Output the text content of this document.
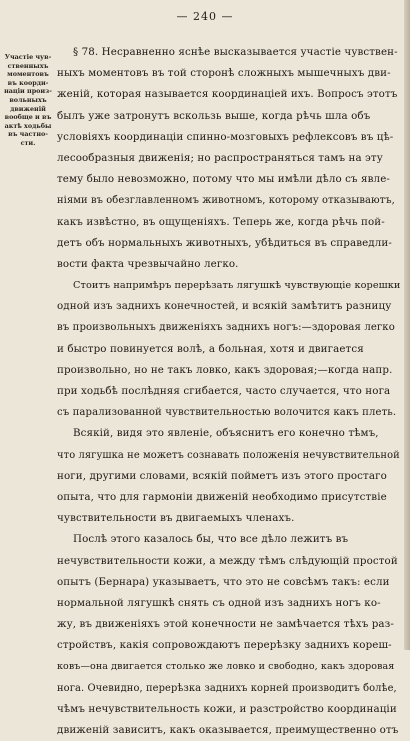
— 240 —
Участіе чув-
ственныхъ
моментовъ
въ коорди-
націи произ-
вольныхъ
движеній
вообще и въ
актѣ ходьбы
въ частно-
сти.
§ 78. Несравненно яснѣе высказывается участіе чувствен-
ныхъ моментовъ въ той сторонѣ сложныхъ мышечныхъ дви-
женій, которая называется координаціей ихъ. Вопросъ этотъ
былъ уже затронутъ вскользь выше, когда рѣчь шла объ
условіяхъ координаціи спинно-мозговыхъ рефлексовъ въ цѣ-
лесообразныя движенія; но распространяться тамъ на эту
тему было невозможно, потому что мы имѣли дѣло съ явле-
ніями въ обезглавленномъ животномъ, которому отказываютъ,
какъ извѣстно, въ ощущеніяхъ. Теперь же, когда рѣчь пой-
детъ объ нормальныхъ животныхъ, убѣдиться въ справедли-
вости факта чрезвычайно легко.
Стоитъ напримѣръ перерѣзать лягушкѣ чувствующіе корешки
одной изъ заднихъ конечностей, и всякій замѣтитъ разницу
въ произвольныхъ движеніяхъ заднихъ ногъ:—здоровая легко
и быстро повинуется волѣ, а больная, хотя и двигается
произвольно, но не такъ ловко, какъ здоровая;—когда напр.
при ходьбѣ послѣдняя сгибается, часто случается, что нога
съ парализованной чувствительностью волочится какъ плеть.
Всякій, видя это явленіе, объяснитъ его конечно тѣмъ,
что лягушка не можетъ сознавать положенія нечувствительной
ноги, другими словами, всякій пойметъ изъ этого простаго
опыта, что для гармоніи движеній необходимо присутствіе
чувствительности въ двигаемыхъ членахъ.
Послѣ этого казалось бы, что все дѣло лежитъ въ
нечувствительности кожи, а между тѣмъ слѣдующій простой
опытъ (Бернара) указываетъ, что это не совсѣмъ такъ: если
нормальной лягушкѣ снять съ одной изъ заднихъ ногъ ко-
жу, въ движеніяхъ этой конечности не замѣчается тѣхъ раз-
стройствъ, какія сопровождаютъ перерѣзку заднихъ кореш-
ковъ—она двигается столько же ловко и свободно, какъ здоровая
нога. Очевидно, перерѣзка заднихъ корней производитъ болѣе,
чѣмъ нечувствительность кожи, и разстройство координаціи
движеній зависитъ, какъ оказывается, преимущественно отъ
